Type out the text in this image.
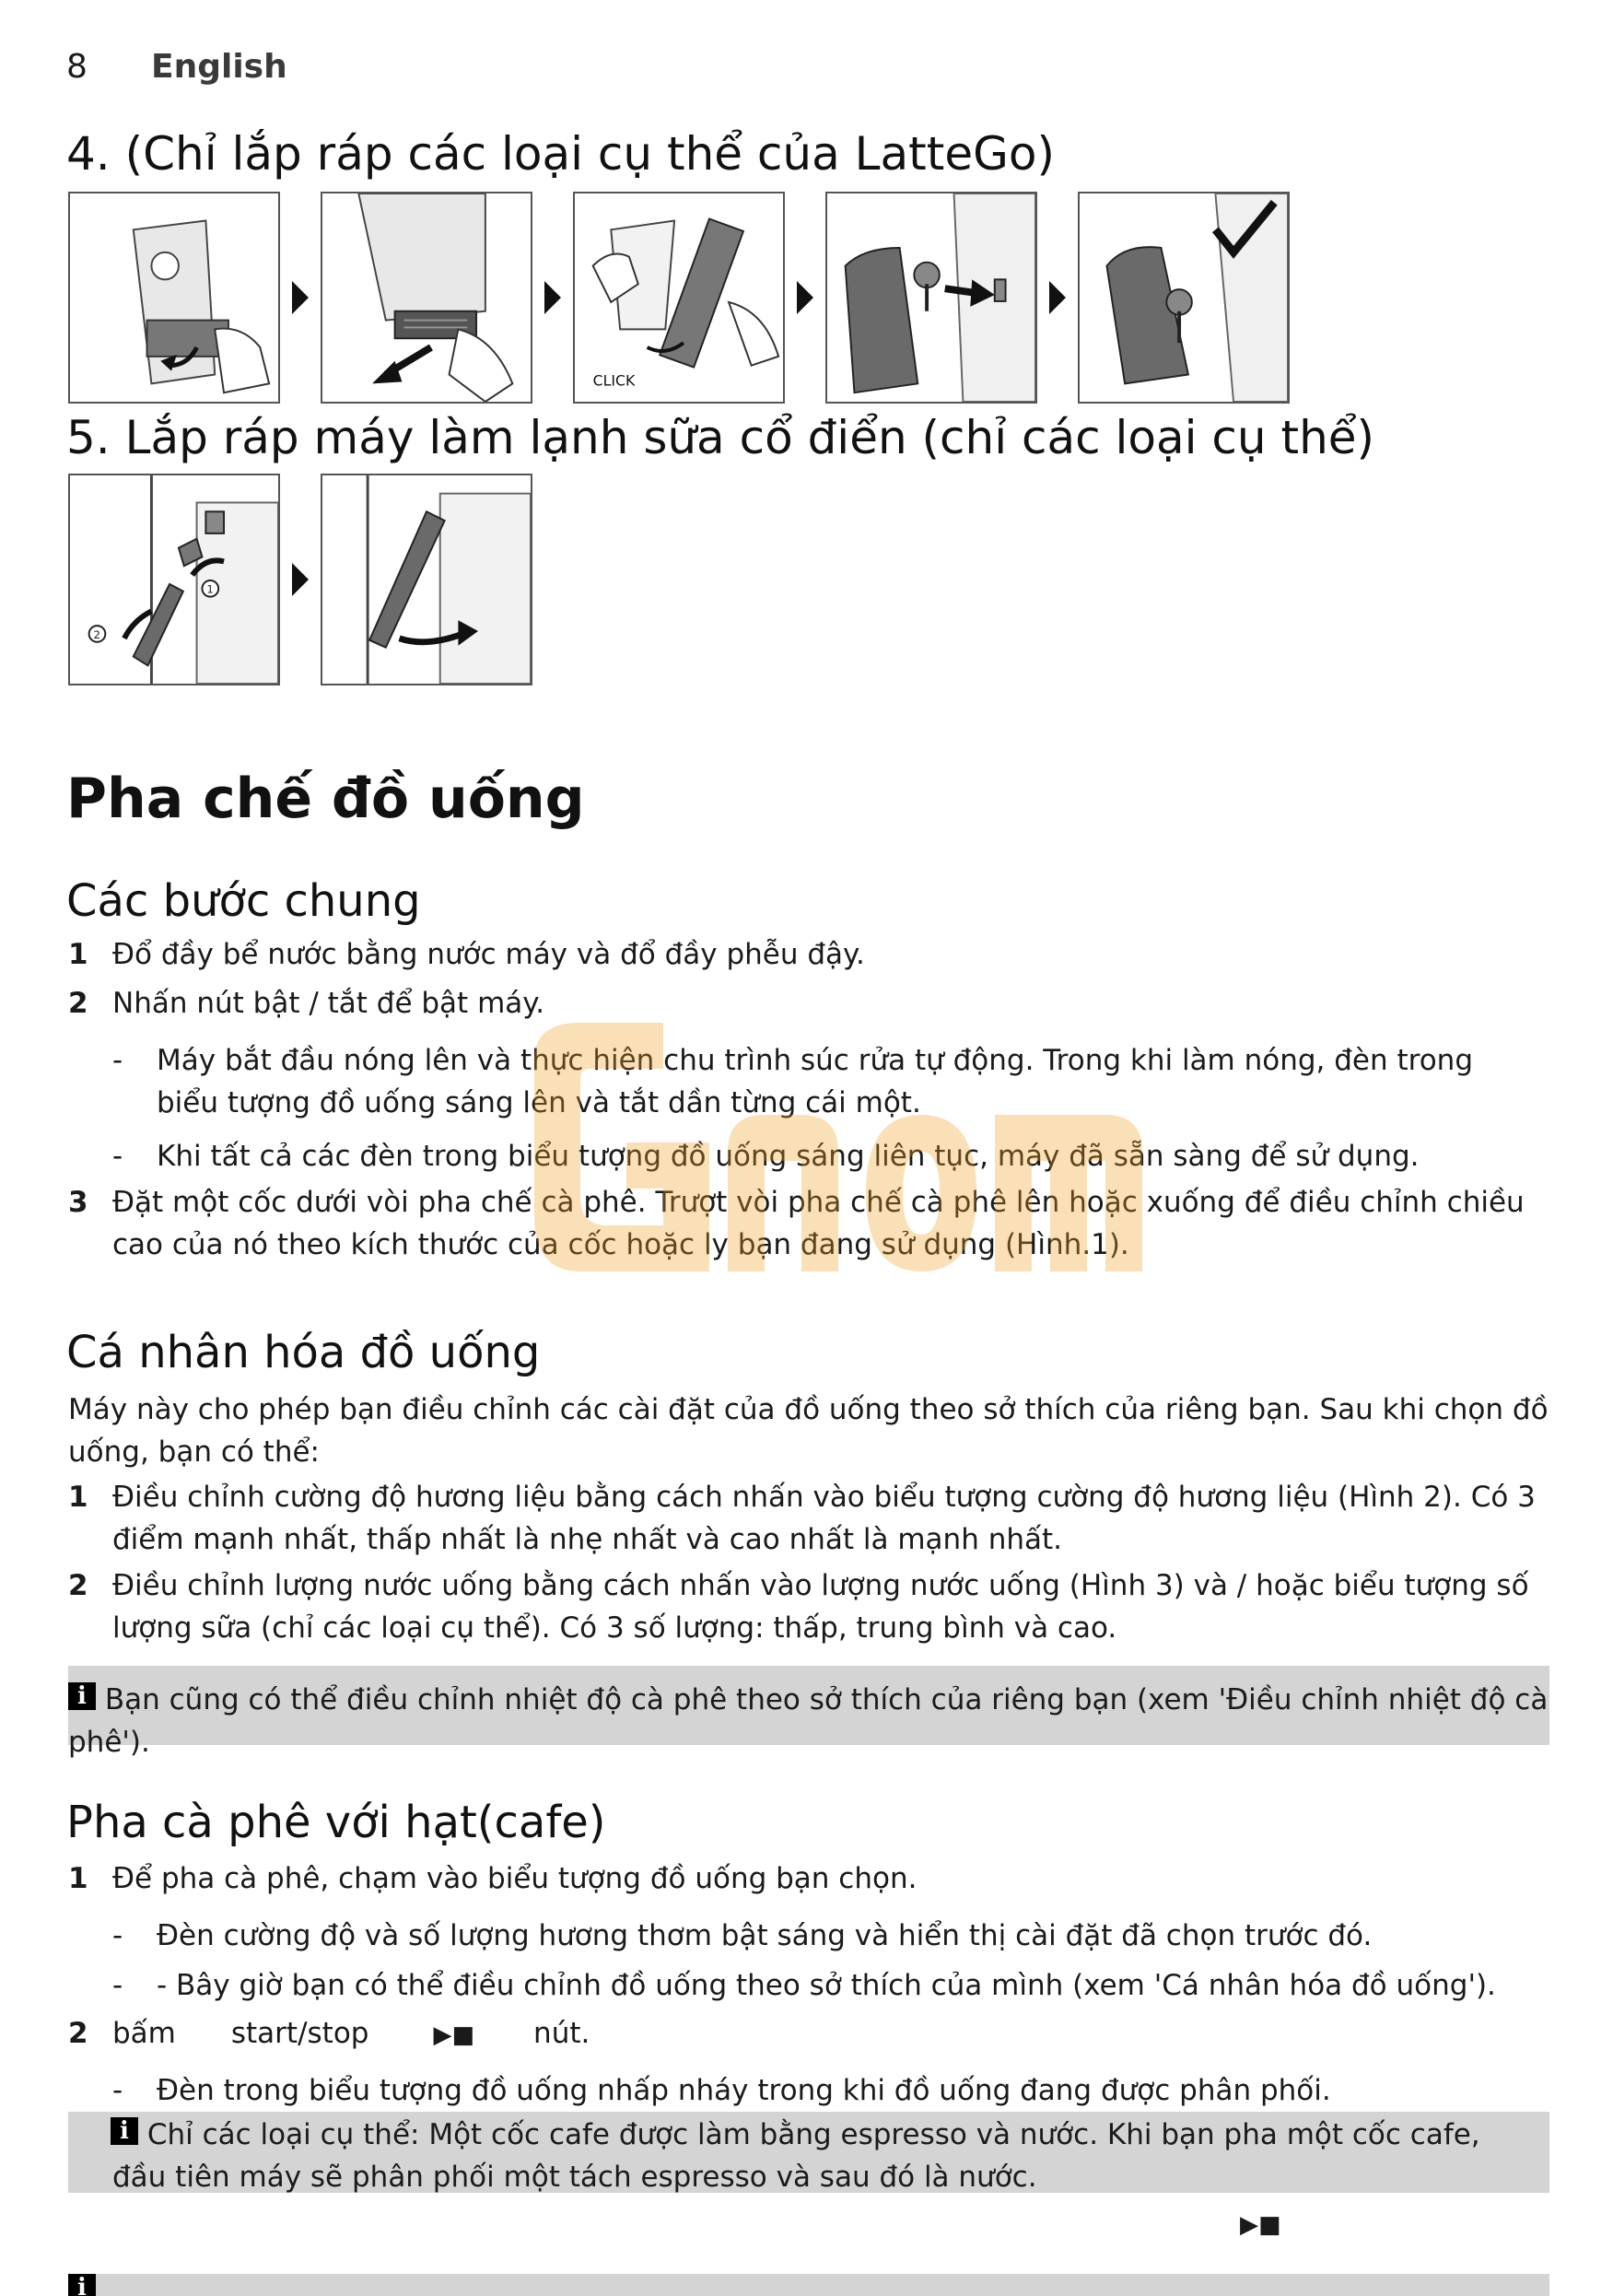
8 English
4. (Chỉ lắp ráp các loại cụ thể của LatteGo)
CLICK
5. Lắp ráp máy làm lạnh sữa cổ điển (chỉ các loại cụ thể)
1
2
Pha chế đồ uống
Các bước chung
1 Đổ đầy bể nước bằng nước máy và đổ đầy phễu đậy.
2 Nhấn nút bật / tắt để bật máy.
- Máy bắt đầu nóng lên và thực hiện chu trình súc rửa tự động. Trong khi làm nóng, đèn trong biểu tượng đồ uống sáng lên và tắt dần từng cái một.
- Khi tất cả các đèn trong biểu tượng đồ uống sáng liên tục, máy đã sẵn sàng để sử dụng.
3 Đặt một cốc dưới vòi pha chế cà phê. Trượt vòi pha chế cà phê lên hoặc xuống để điều chỉnh chiều cao của nó theo kích thước của cốc hoặc ly bạn đang sử dụng (Hình.1).
Cá nhân hóa đồ uống
Máy này cho phép bạn điều chỉnh các cài đặt của đồ uống theo sở thích của riêng bạn. Sau khi chọn đồ uống, bạn có thể:
1 Điều chỉnh cường độ hương liệu bằng cách nhấn vào biểu tượng cường độ hương liệu (Hình 2). Có 3 điểm mạnh nhất, thấp nhất là nhẹ nhất và cao nhất là mạnh nhất.
2 Điều chỉnh lượng nước uống bằng cách nhấn vào lượng nước uống (Hình 3) và / hoặc biểu tượng số lượng sữa (chỉ các loại cụ thể). Có 3 số lượng: thấp, trung bình và cao.
i Bạn cũng có thể điều chỉnh nhiệt độ cà phê theo sở thích của riêng bạn (xem 'Điều chỉnh nhiệt độ cà phê').
Pha cà phê với hạt(cafe)
1 Để pha cà phê, chạm vào biểu tượng đồ uống bạn chọn.
- Đèn cường độ và số lượng hương thơm bật sáng và hiển thị cài đặt đã chọn trước đó.
- - Bây giờ bạn có thể điều chỉnh đồ uống theo sở thích của mình (xem 'Cá nhân hóa đồ uống').
2 bấm start/stop	▶■ nút.
- Đèn trong biểu tượng đồ uống nhấp nháy trong khi đồ uống đang được phân phối.
i Chỉ các loại cụ thể: Một cốc cafe được làm bằng espresso và nước. Khi bạn pha một cốc cafe, đầu tiên máy sẽ phân phối một tách espresso và sau đó là nước.
▶■
i
